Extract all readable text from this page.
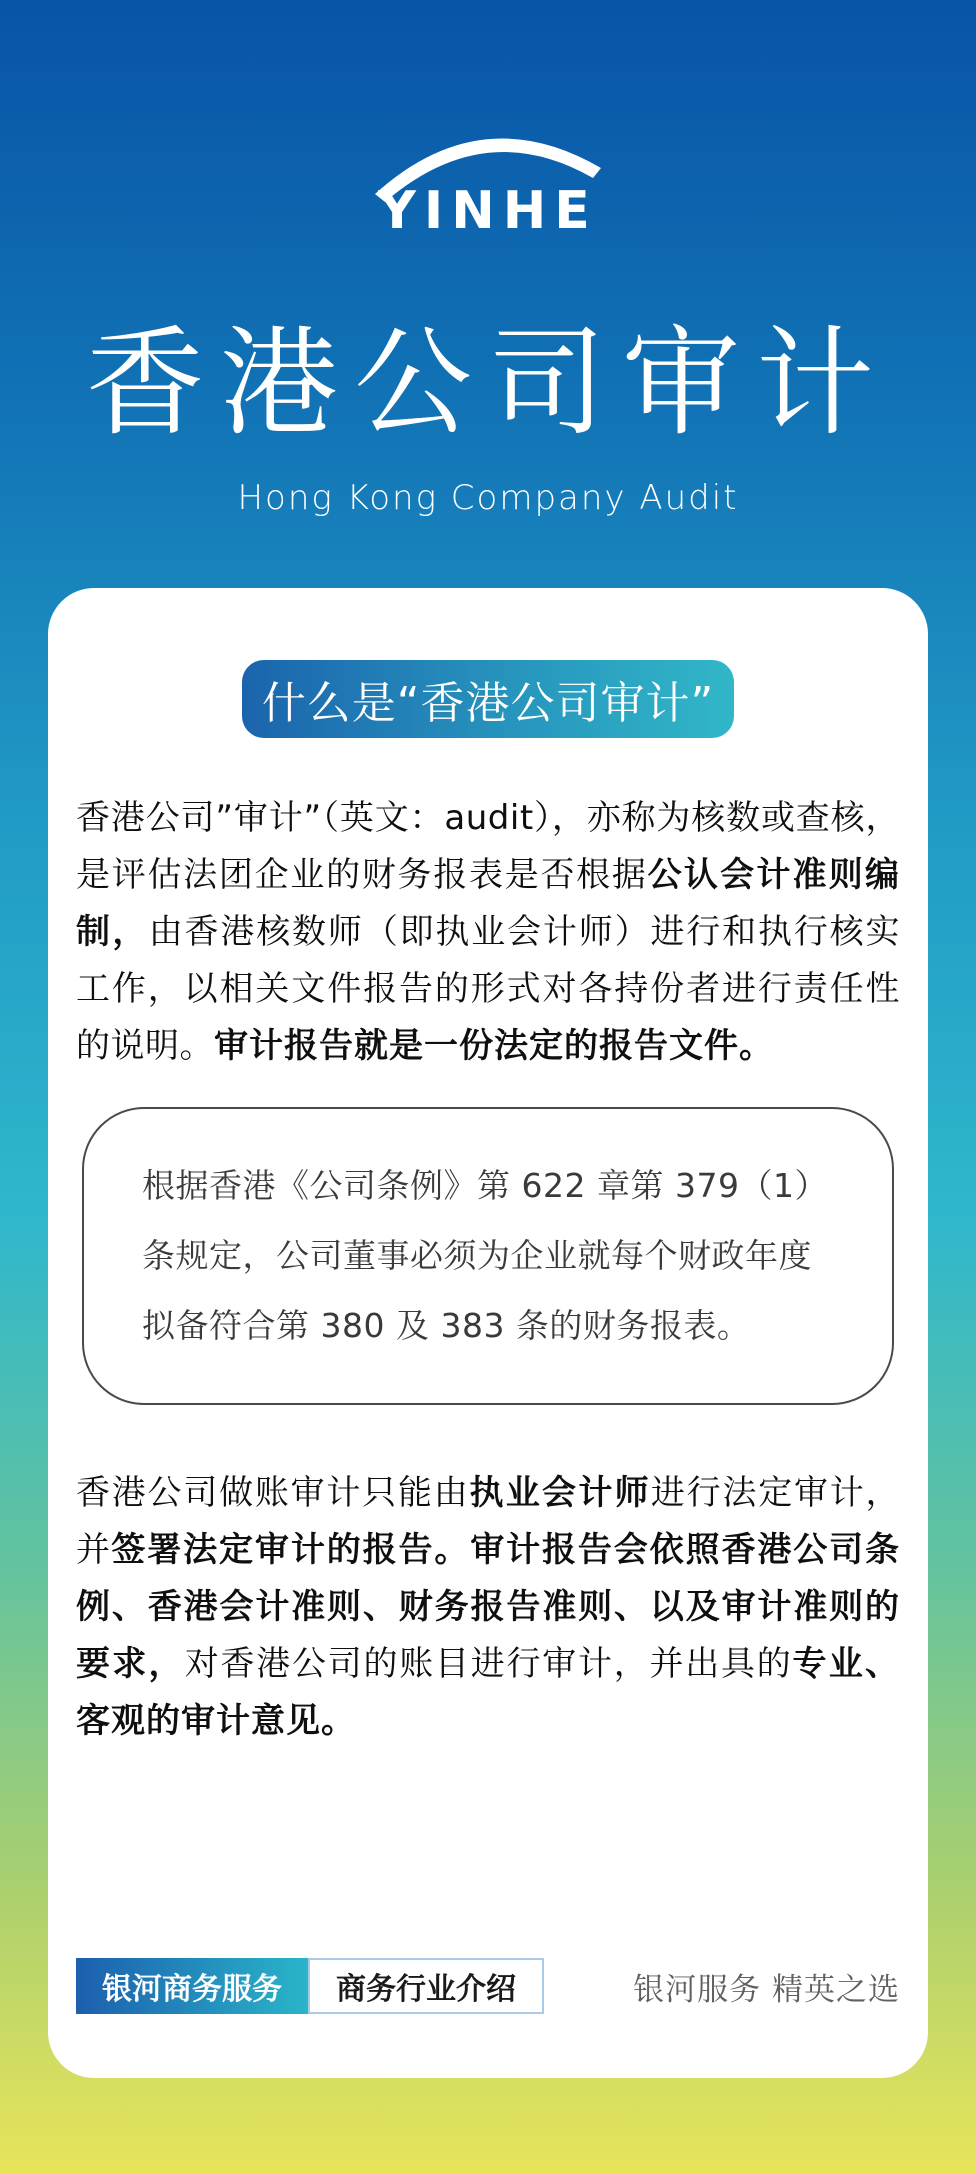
YINHE
香港公司审计
Hong Kong Company Audit
什么是“香港公司审计”
香港公司”审计”（英文：audit），亦称为核数或查核，是评估法团企业的财务报表是否根据公认会计准则编制，由香港核数师（即执业会计师）进行和执行核实工作，以相关文件报告的形式对各持份者进行责任性的说明。审计报告就是一份法定的报告文件。
根据香港《公司条例》第 622 章第 379（1）条规定，公司董事必须为企业就每个财政年度拟备符合第 380 及 383 条的财务报表。
香港公司做账审计只能由执业会计师进行法定审计，并签署法定审计的报告。审计报告会依照香港公司条例、香港会计准则、财务报告准则、以及审计准则的要求，对香港公司的账目进行审计，并出具的专业、客观的审计意见。
银河商务服务	商务行业介绍	银河服务 精英之选
